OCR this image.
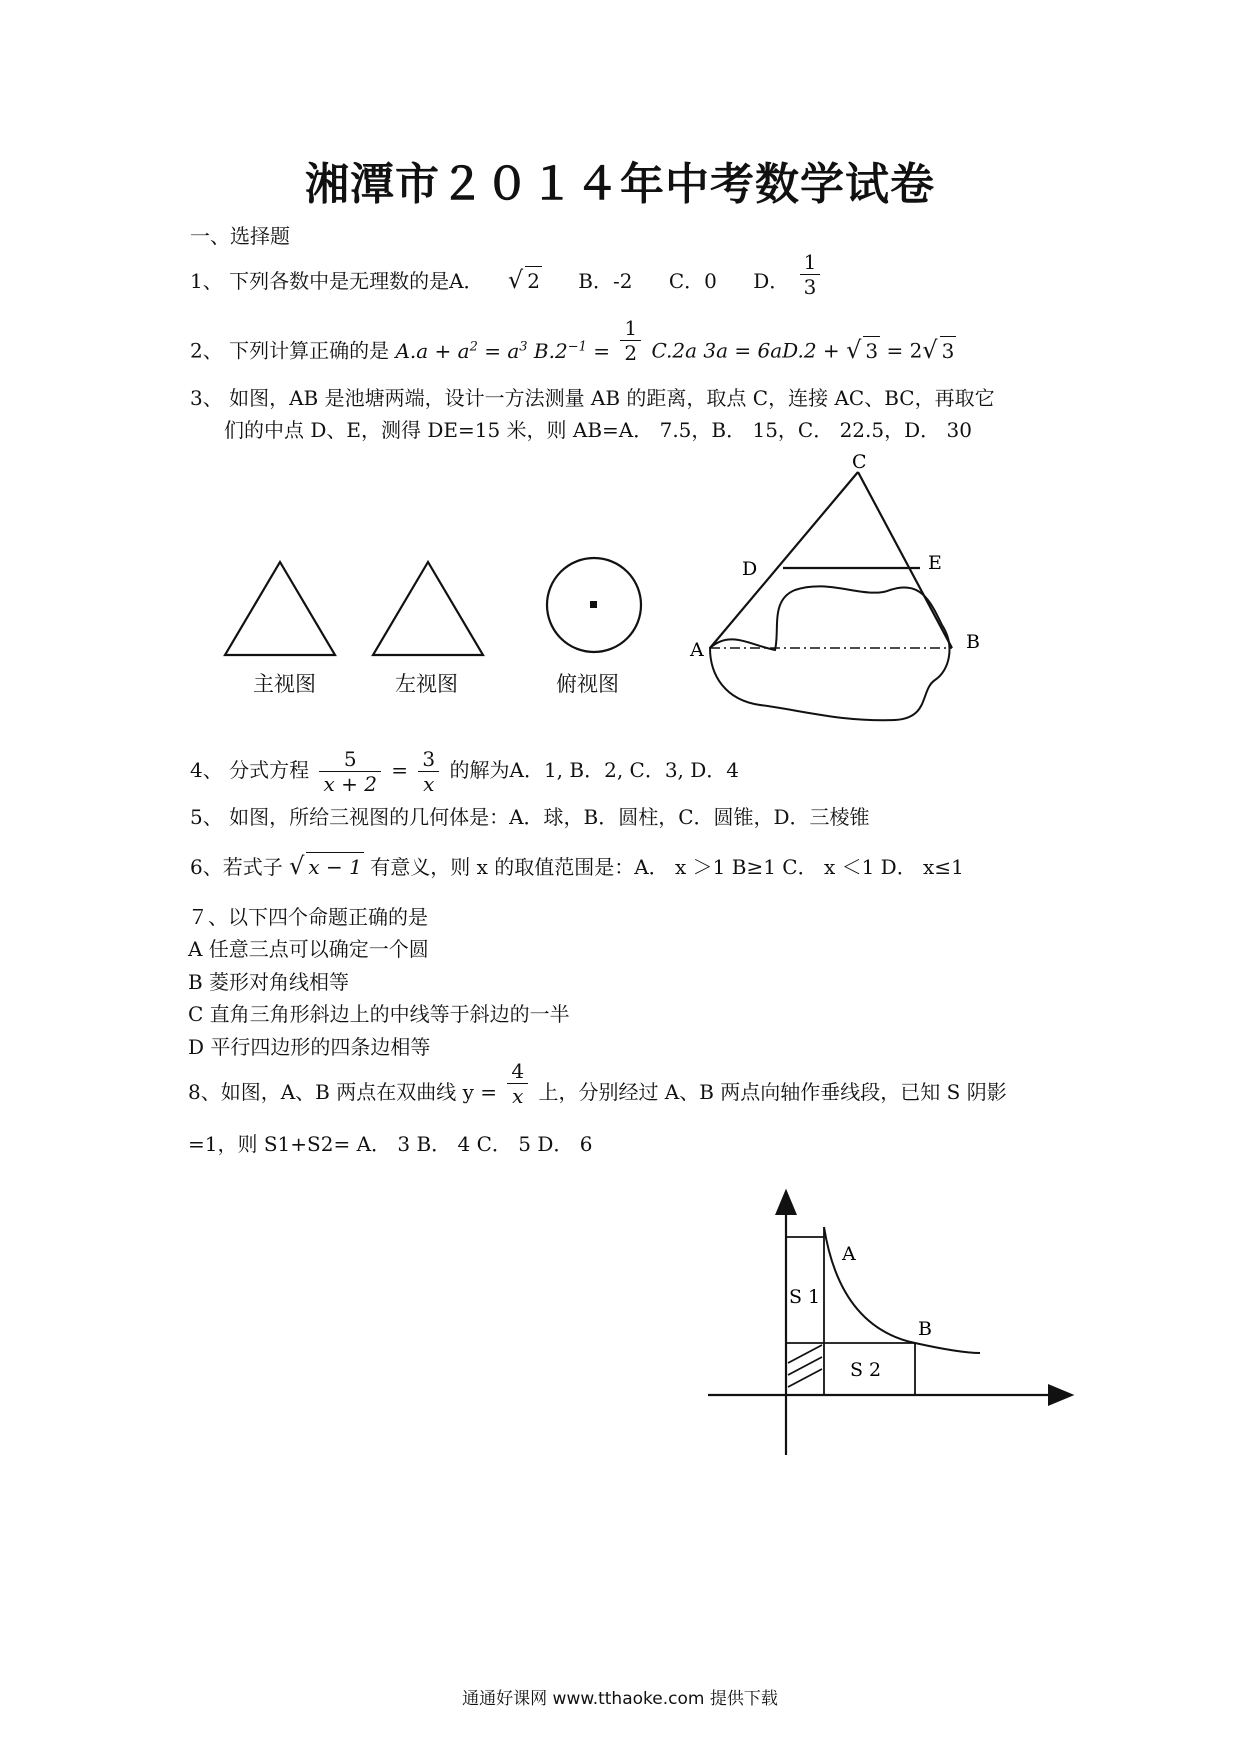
湘潭市２０１４年中考数学试卷
一、选择题
1、 下列各数中是无理数的是A． √ 2 B．-2 C．0 D． $\frac{1}{3}$
2、 下列计算正确的是 $A.a + a^2 = a^3$ $B.2^{-1} = \frac{1}{2} C.2a$ 3a = 6aD.2 + √ 3 = 2√ 3
3、 如图，AB 是池塘两端，设计一方法测量 AB 的距离，取点 C，连接 AC、BC，再取它
们的中点 D、E，测得 DE=15 米，则 AB=A． 7.5，B． 15，C． 22.5，D． 30
主视图	左视图	俯视图
C
D	E
A	B
4、 分式方程 $\frac{5}{x + 2} = \frac{3}{x}$ 的解为A．1, B．2, C．3, D．4
5、 如图，所给三视图的几何体是：A．球，B．圆柱，C．圆锥，D．三棱锥
6、若式子 √ x − 1 有意义，则 x 的取值范围是：A． x ＞1 B≥1 C． x ＜1 D． x≤1
７、以下四个命题正确的是
A 任意三点可以确定一个圆
B 菱形对角线相等
C 直角三角形斜边上的中线等于斜边的一半
D 平行四边形的四条边相等
8、如图，A、B 两点在双曲线 $y = \frac{4}{x}$ 上，分别经过 A、B 两点向轴作垂线段，已知 S 阴影
=1，则 S1+S2= A． 3 B． 4 C． 5 D． 6
A
B
S 1
S 2
通通好课网 www.tthaoke.com 提供下载
